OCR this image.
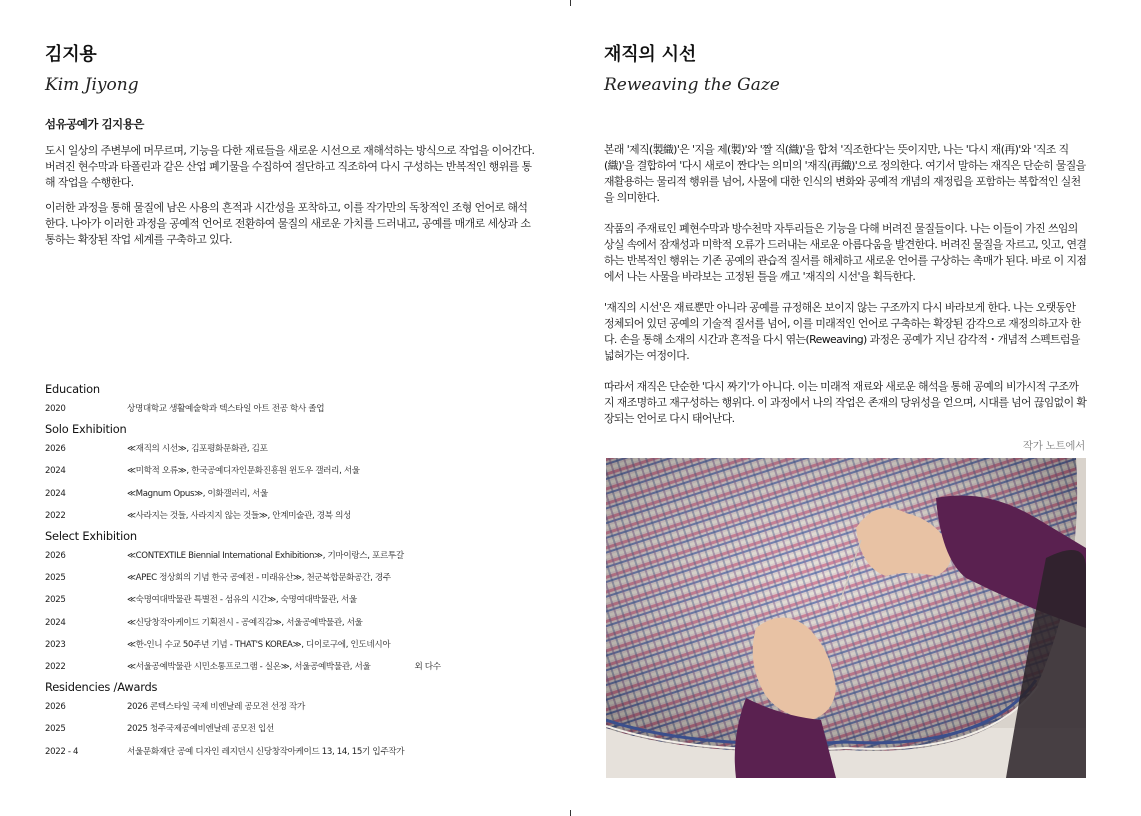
김지용
Kim Jiyong
섬유공예가 김지용은

도시 일상의 주변부에 머무르며, 기능을 다한 재료들을 새로운 시선으로 재해석하는 방식으로 작업을 이어간다. 버려진 현수막과 타폴린과 같은 산업 폐기물을 수집하여 절단하고 직조하여 다시 구성하는 반복적인 행위를 통해 작업을 수행한다.

이러한 과정을 통해 물질에 남은 사용의 흔적과 시간성을 포착하고, 이를 작가만의 독창적인 조형 언어로 해석한다. 나아가 이러한 과정을 공예적 언어로 전환하여 물질의 새로운 가치를 드러내고, 공예를 매개로 세상과 소통하는 확장된 작업 세계를 구축하고 있다.

Education
2020	상명대학교 생활예술학과 텍스타일 아트 전공 학사 졸업
Solo Exhibition
2026	≪재직의 시선≫, 김포평화문화관, 김포
2024	≪미학적 오류≫, 한국공예디자인문화진흥원 윈도우 갤러리, 서울
2024	≪Magnum Opus≫, 이화갤러리, 서울
2022	≪사라지는 것들, 사라지지 않는 것들≫, 안계미술관, 경북 의성
Select Exhibition
2026	≪CONTEXTILE Biennial International Exhibition≫, 기마이랑스, 포르투갈
2025	≪APEC 정상회의 기념 한국 공예전 - 미래유산≫, 천군복합문화공간, 경주
2025	≪숙명여대박물관 특별전 - 섬유의 시간≫, 숙명여대박물관, 서울
2024	≪신당창작아케이드 기획전시 - 공예직감≫, 서울공예박물관, 서울
2023	≪한-인니 수교 50주년 기념 - THAT'S KOREA≫, 디이로구에, 인도네시아
2022	≪서울공예박물관 시민소통프로그램 - 실온≫, 서울공예박물관, 서울	외 다수
Residencies /Awards
2026	2026 콘텍스타일 국제 비엔날레 공모전 선정 작가
2025	2025 청주국제공예비엔날레 공모전 입선
2022 - 4	서울문화재단 공예 디자인 레지던시 신당창작아케이드 13, 14, 15기 입주작가
재직의 시선
Reweaving the Gaze

본래 '제직(製織)'은 '지을 제(製)'와 '짤 직(織)'을 합쳐 '직조한다'는 뜻이지만, 나는 '다시 재(再)'와 '직조 직(織)'을 결합하여 '다시 새로이 짠다'는 의미의 '재직(再織)'으로 정의한다. 여기서 말하는 재직은 단순히 물질을 재활용하는 물리적 행위를 넘어, 사물에 대한 인식의 변화와 공예적 개념의 재정립을 포함하는 복합적인 실천을 의미한다.

작품의 주재료인 폐현수막과 방수천막 자투리들은 기능을 다해 버려진 물질들이다. 나는 이들이 가진 쓰임의 상실 속에서 잠재성과 미학적 오류가 드러내는 새로운 아름다움을 발견한다. 버려진 물질을 자르고, 잇고, 연결하는 반복적인 행위는 기존 공예의 관습적 질서를 해체하고 새로운 언어를 구상하는 촉매가 된다. 바로 이 지점에서 나는 사물을 바라보는 고정된 틀을 깨고 '재직의 시선'을 획득한다.

'재직의 시선'은 재료뿐만 아니라 공예를 규정해온 보이지 않는 구조까지 다시 바라보게 한다. 나는 오랫동안 정체되어 있던 공예의 기술적 질서를 넘어, 이를 미래적인 언어로 구축하는 확장된 감각으로 재정의하고자 한다. 손을 통해 소재의 시간과 흔적을 다시 엮는(Reweaving) 과정은 공예가 지닌 감각적・개념적 스펙트럼을 넓혀가는 여정이다.

따라서 재직은 단순한 '다시 짜기'가 아니다. 이는 미래적 재료와 새로운 해석을 통해 공예의 비가시적 구조까지 재조명하고 재구성하는 행위다. 이 과정에서 나의 작업은 존재의 당위성을 얻으며, 시대를 넘어 끊임없이 확장되는 언어로 다시 태어난다.

작가 노트에서
